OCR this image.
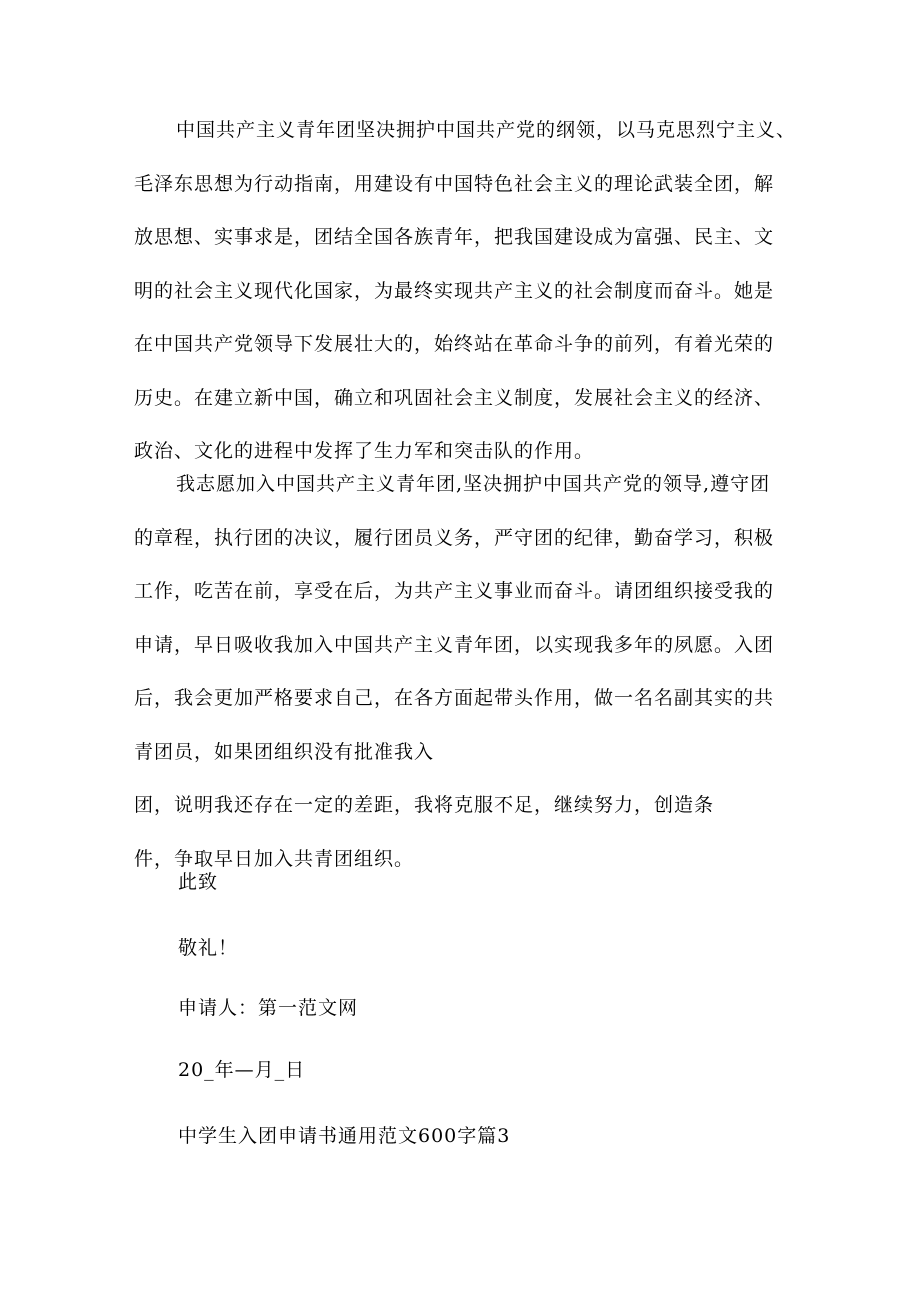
中国共产主义青年团坚决拥护中国共产党的纲领，以马克思烈宁主义、
毛泽东思想为行动指南，用建设有中国特色社会主义的理论武装全团，解
放思想、实事求是，团结全国各族青年，把我国建设成为富强、民主、文
明的社会主义现代化国家，为最终实现共产主义的社会制度而奋斗。她是
在中国共产党领导下发展壮大的，始终站在革命斗争的前列，有着光荣的
历史。在建立新中国，确立和巩固社会主义制度，发展社会主义的经济、
政治、文化的进程中发挥了生力军和突击队的作用。
我志愿加入中国共产主义青年团,坚决拥护中国共产党的领导,遵守团
的章程，执行团的决议，履行团员义务，严守团的纪律，勤奋学习，积极
工作，吃苦在前，享受在后，为共产主义事业而奋斗。请团组织接受我的
申请，早日吸收我加入中国共产主义青年团，以实现我多年的夙愿。入团
后，我会更加严格要求自己，在各方面起带头作用，做一名名副其实的共
青团员，如果团组织没有批准我入
团，说明我还存在一定的差距，我将克服不足，继续努力，创造条
件，争取早日加入共青团组织。
此致
敬礼！
申请人：第一范文网
20_年—月_日
中学生入团申请书通用范文600字篇3
